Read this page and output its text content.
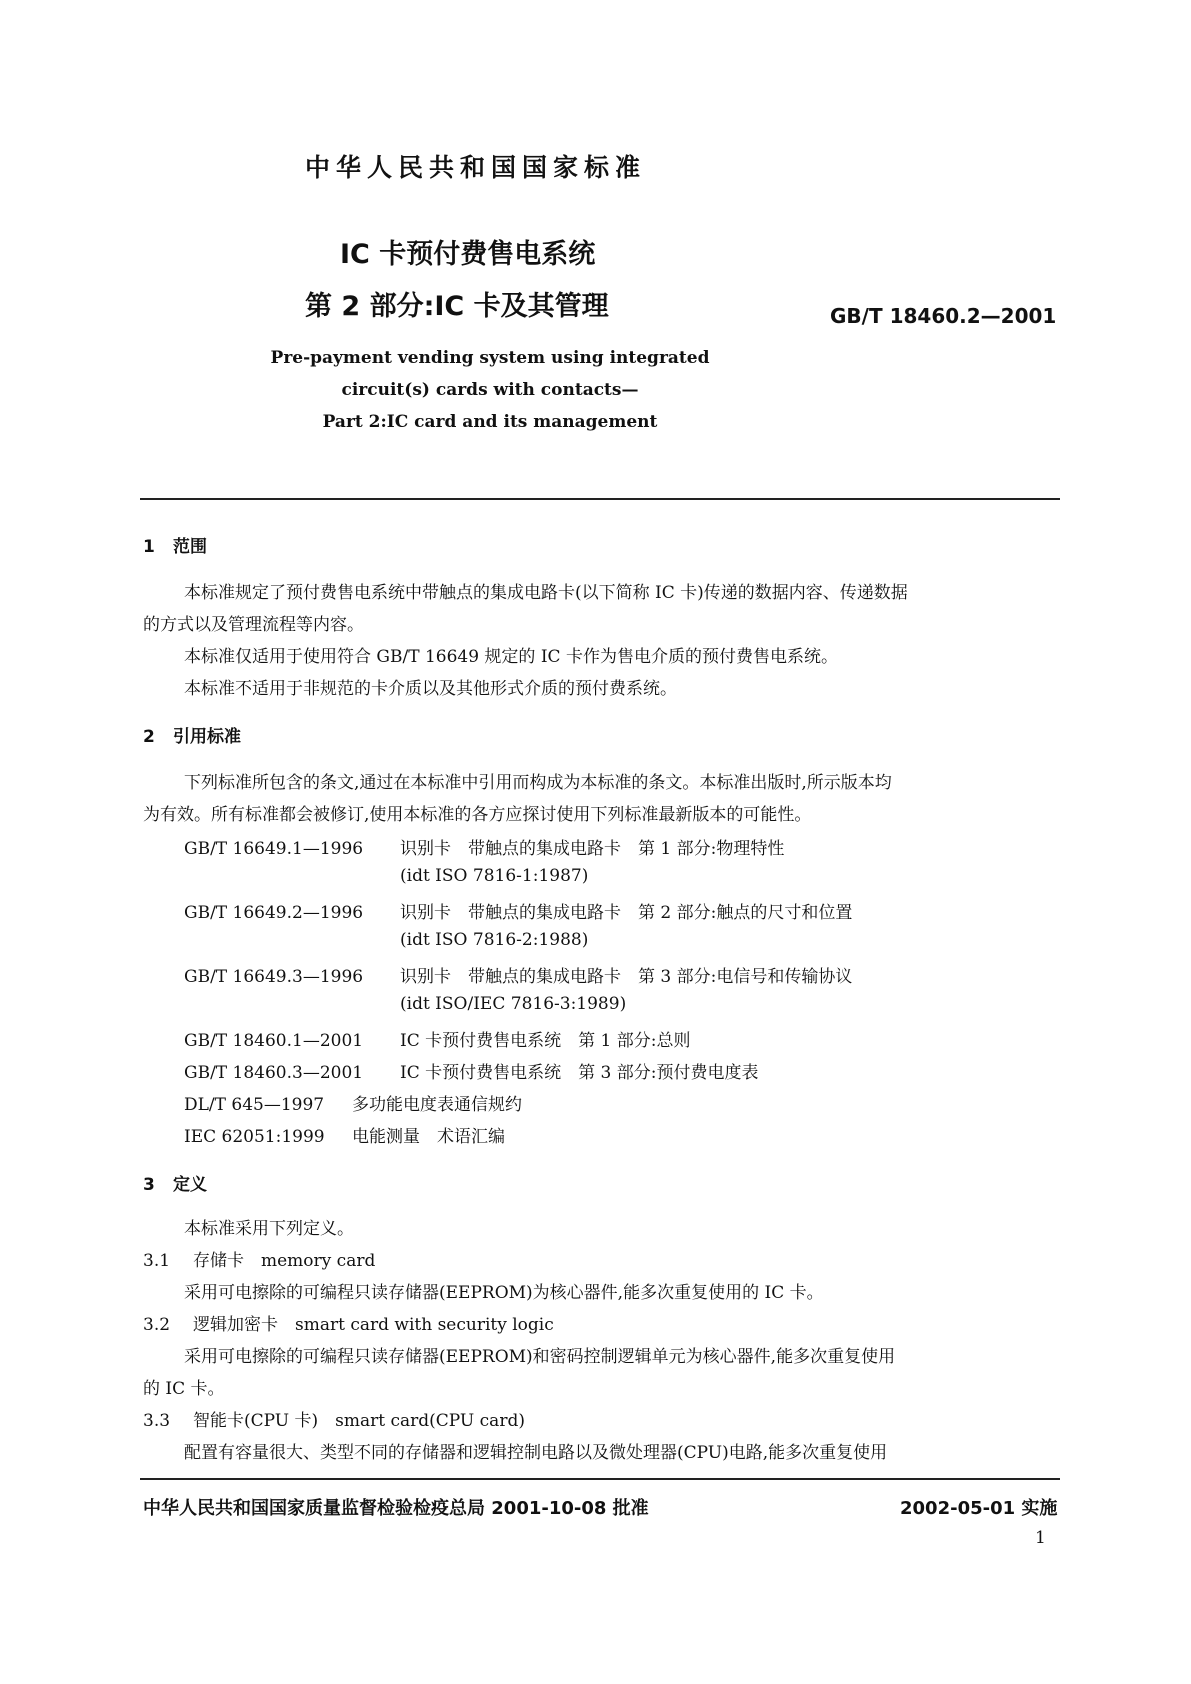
中华人民共和国国家标准
IC 卡预付费售电系统
第 2 部分:IC 卡及其管理	GB/T 18460.2—2001
Pre-payment vending system using integrated
circuit(s) cards with contacts—
Part 2:IC card and its management
1 范围
本标准规定了预付费售电系统中带触点的集成电路卡(以下简称 IC 卡)传递的数据内容、传递数据
的方式以及管理流程等内容。
本标准仅适用于使用符合 GB/T 16649 规定的 IC 卡作为售电介质的预付费售电系统。
本标准不适用于非规范的卡介质以及其他形式介质的预付费系统。
2 引用标准
下列标准所包含的条文,通过在本标准中引用而构成为本标准的条文。本标准出版时,所示版本均
为有效。所有标准都会被修订,使用本标准的各方应探讨使用下列标准最新版本的可能性。
GB/T 16649.1—1996 识别卡　带触点的集成电路卡　第 1 部分:物理特性
(idt ISO 7816-1:1987)
GB/T 16649.2—1996 识别卡　带触点的集成电路卡　第 2 部分:触点的尺寸和位置
(idt ISO 7816-2:1988)
GB/T 16649.3—1996 识别卡　带触点的集成电路卡　第 3 部分:电信号和传输协议
(idt ISO/IEC 7816-3:1989)
GB/T 18460.1—2001 IC 卡预付费售电系统　第 1 部分:总则
GB/T 18460.3—2001 IC 卡预付费售电系统　第 3 部分:预付费电度表
DL/T 645—1997 多功能电度表通信规约
IEC 62051:1999 电能测量　术语汇编
3 定义
本标准采用下列定义。
3.1 存储卡　memory card
采用可电擦除的可编程只读存储器(EEPROM)为核心器件,能多次重复使用的 IC 卡。
3.2 逻辑加密卡　smart card with security logic
采用可电擦除的可编程只读存储器(EEPROM)和密码控制逻辑单元为核心器件,能多次重复使用
的 IC 卡。
3.3 智能卡(CPU 卡)　smart card(CPU card)
配置有容量很大、类型不同的存储器和逻辑控制电路以及微处理器(CPU)电路,能多次重复使用
中华人民共和国国家质量监督检验检疫总局 2001-10-08 批准	2002-05-01 实施
1
